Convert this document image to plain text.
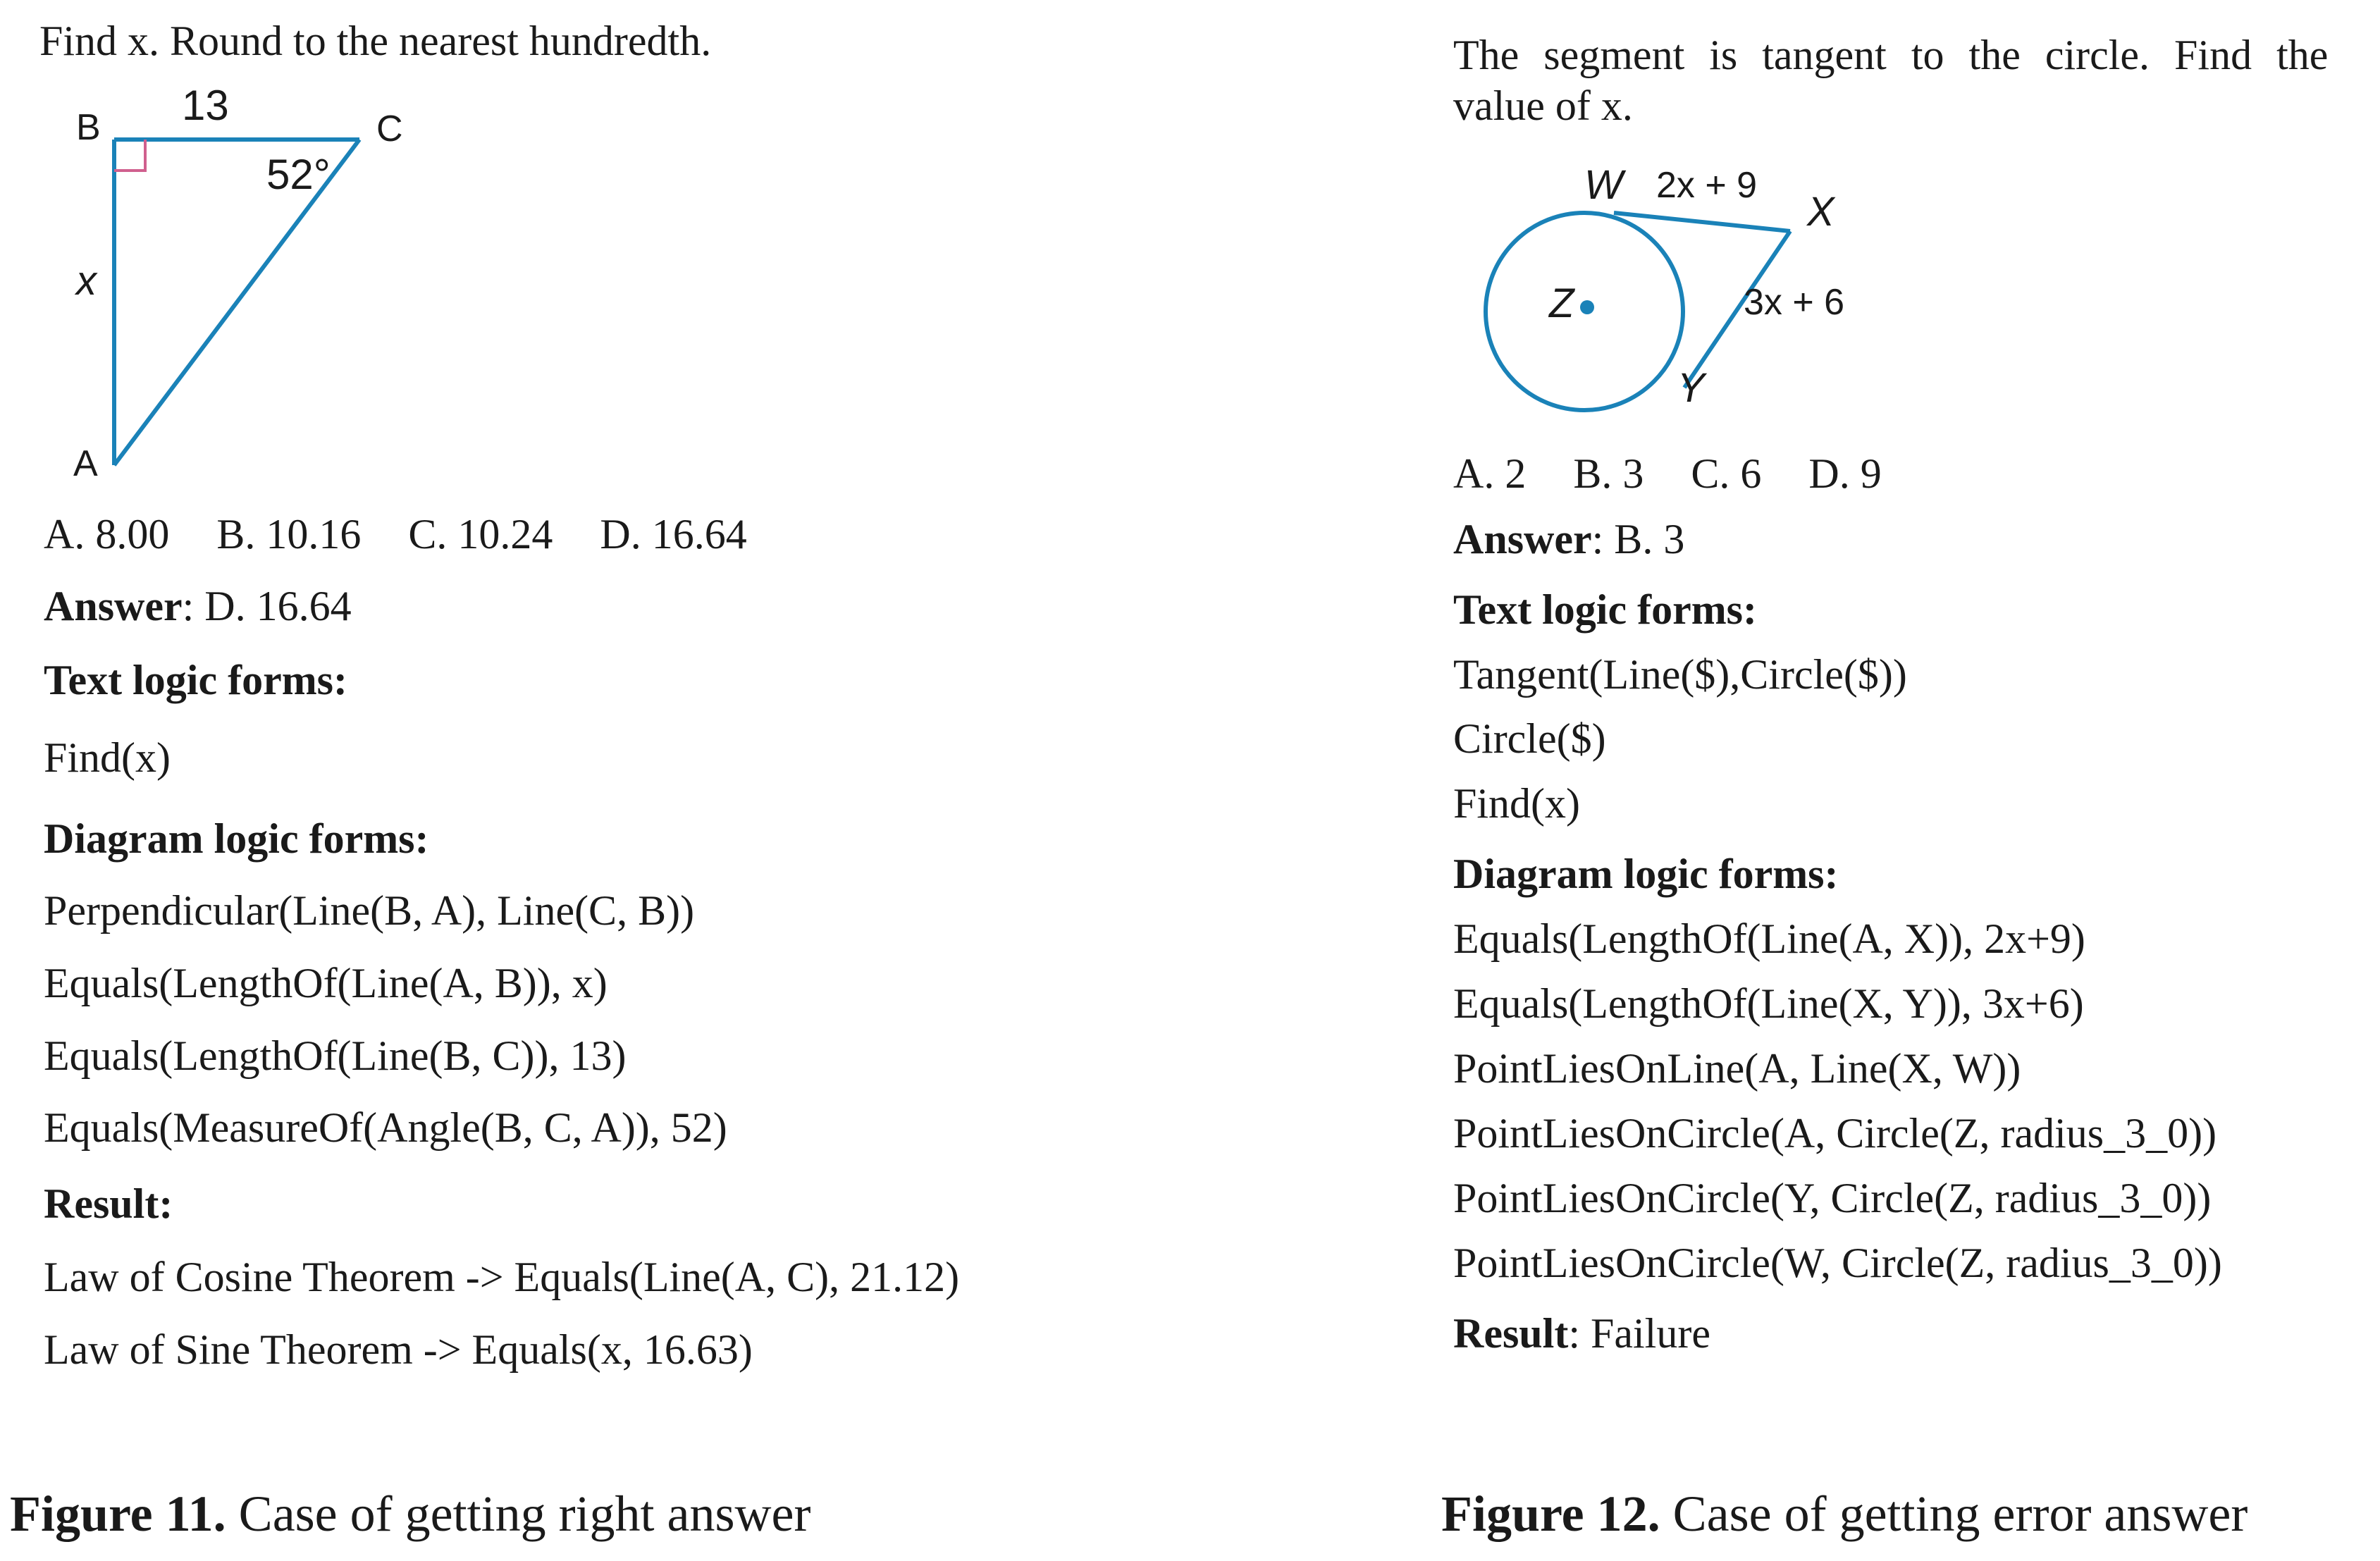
Find x. Round to the nearest hundredth.
B	C
A
13
52°
x
A. 8.00 B. 10.16 C. 10.24 D. 16.64
Answer: D. 16.64
Text logic forms:
Find(x)
Diagram logic forms:
Perpendicular(Line(B, A), Line(C, B))
Equals(LengthOf(Line(A, B)), x)
Equals(LengthOf(Line(B, C)), 13)
Equals(MeasureOf(Angle(B, C, A)), 52)
Result:
Law of Cosine Theorem -> Equals(Line(A, C), 21.12)
Law of Sine Theorem -> Equals(x, 16.63)
Figure 11. Case of getting right answer
The segment is tangent to the circle. Find the
value of x.
W
X
Y
Z
2x + 9
3x + 6
A. 2 B. 3 C. 6 D. 9
Answer: B. 3
Text logic forms:
Tangent(Line($),Circle($))
Circle($)
Find(x)
Diagram logic forms:
Equals(LengthOf(Line(A, X)), 2x+9)
Equals(LengthOf(Line(X, Y)), 3x+6)
PointLiesOnLine(A, Line(X, W))
PointLiesOnCircle(A, Circle(Z, radius_3_0))
PointLiesOnCircle(Y, Circle(Z, radius_3_0))
PointLiesOnCircle(W, Circle(Z, radius_3_0))
Result: Failure
Figure 12. Case of getting error answer
